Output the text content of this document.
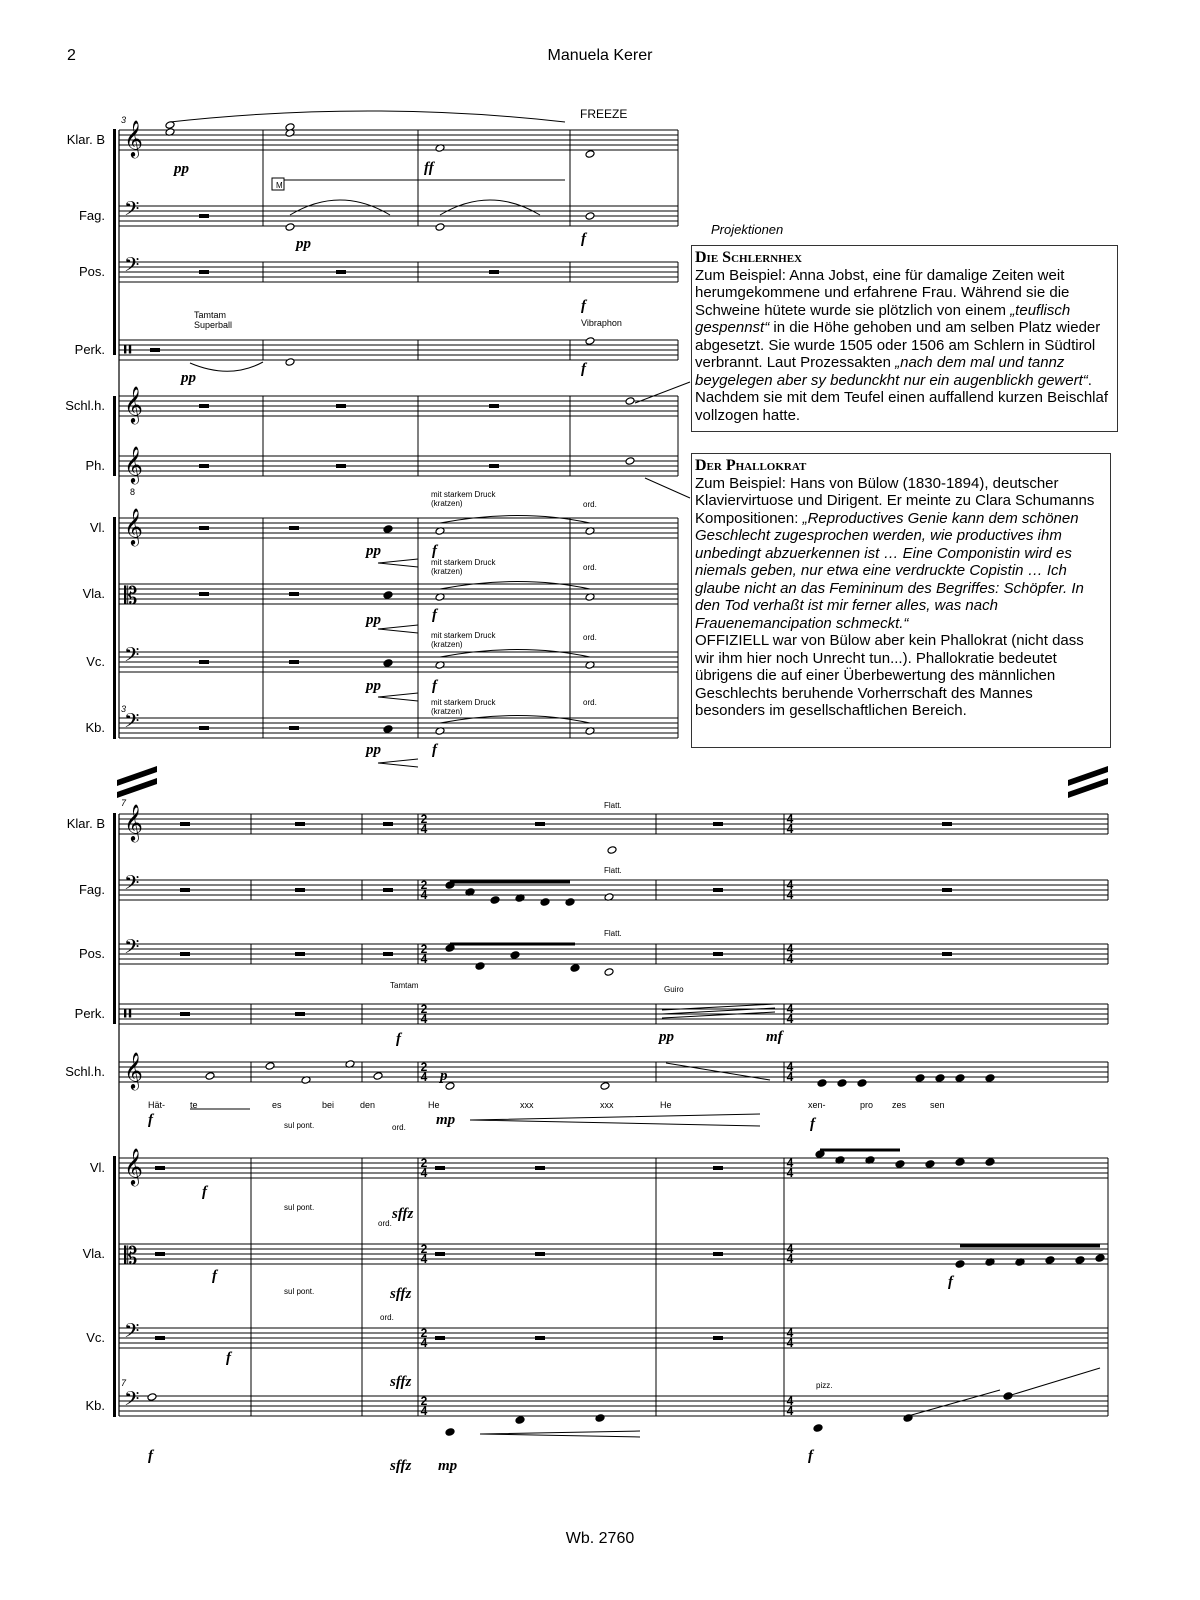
2	Manuela Kerer
𝄞
𝄢
𝄢
𝄥
𝄞
𝄞
𝄞
𝄡
𝄢
𝄢
𝄞
𝄢
𝄢
𝄥
𝄞
𝄞
𝄡
𝄢
𝄢
2
4
4
4
2
4
4
4
2
4
4
4
2
4
4
4
2
4
4
4
2
4
4
4
2
4
4
4
2
4
4
4
2
4
4
4
3
3
8
FREEZE
Tamtam
Superball	Vibraphon
M
mit starkem Druck
(kratzen)
mit starkem Druck
(kratzen)
mit starkem Druck
(kratzen)
mit starkem Druck
(kratzen)
ord.
ord.
ord.
ord.
pp	ff
pp	f
f
pp
f
pp
pp
pp
pp
f
f
f
f
7
7
Flatt.
Flatt.
Flatt.
Tamtam	Guiro
sul pont.
sul pont.
sul pont.
ord.
ord.
ord.
pizz.
f
f	mp
pp	mf
f
f
f
f
f
sffz
sffz
sffz
sffz
p
f
mp
f
Hät-	te	es	bei	den	He	xxx	xxx	He	xen-	pro zes	sen
Klar. B
Fag.
Pos.
Perk.
Schl.h.
Ph.
Vl.
Vla.
Vc.
Kb.
Klar. B
Fag.
Pos.
Perk.
Schl.h.
Vl.
Vla.
Vc.
Kb.
Projektionen
Die Schlernhex
Zum Beispiel: Anna Jobst, eine für damalige Zeiten weit herumgekommene und erfahrene Frau. Während sie die Schweine hütete wurde sie plötzlich von einem „teuflisch gespennst“ in die Höhe gehoben und am selben Platz wieder abgesetzt. Sie wurde 1505 oder 1506 am Schlern in Südtirol verbrannt. Laut Prozessakten „nach dem mal und tannz beygelegen aber sy bedunckht nur ein augenblickh gewert“. Nachdem sie mit dem Teufel einen auffallend kurzen Beischlaf vollzogen hatte.
Der Phallokrat
Zum Beispiel: Hans von Bülow (1830-1894), deutscher Klaviervirtuose und Dirigent. Er meinte zu Clara Schumanns Kompositionen: „Reproductives Genie kann dem schönen Geschlecht zugesprochen werden, wie productives ihm unbedingt abzuerkennen ist … Eine Componistin wird es niemals geben, nur etwa eine verdruckte Copistin … Ich glaube nicht an das Femininum des Begriffes: Schöpfer. In den Tod verhaßt ist mir ferner alles, was nach Frauenemancipation schmeckt.“
OFFIZIELL war von Bülow aber kein Phallokrat (nicht dass wir ihm hier noch Unrecht tun...). Phallokratie bedeutet übrigens die auf einer Überbewertung des männlichen Geschlechts beruhende Vorherrschaft des Mannes besonders im gesellschaftlichen Bereich.
Wb. 2760
